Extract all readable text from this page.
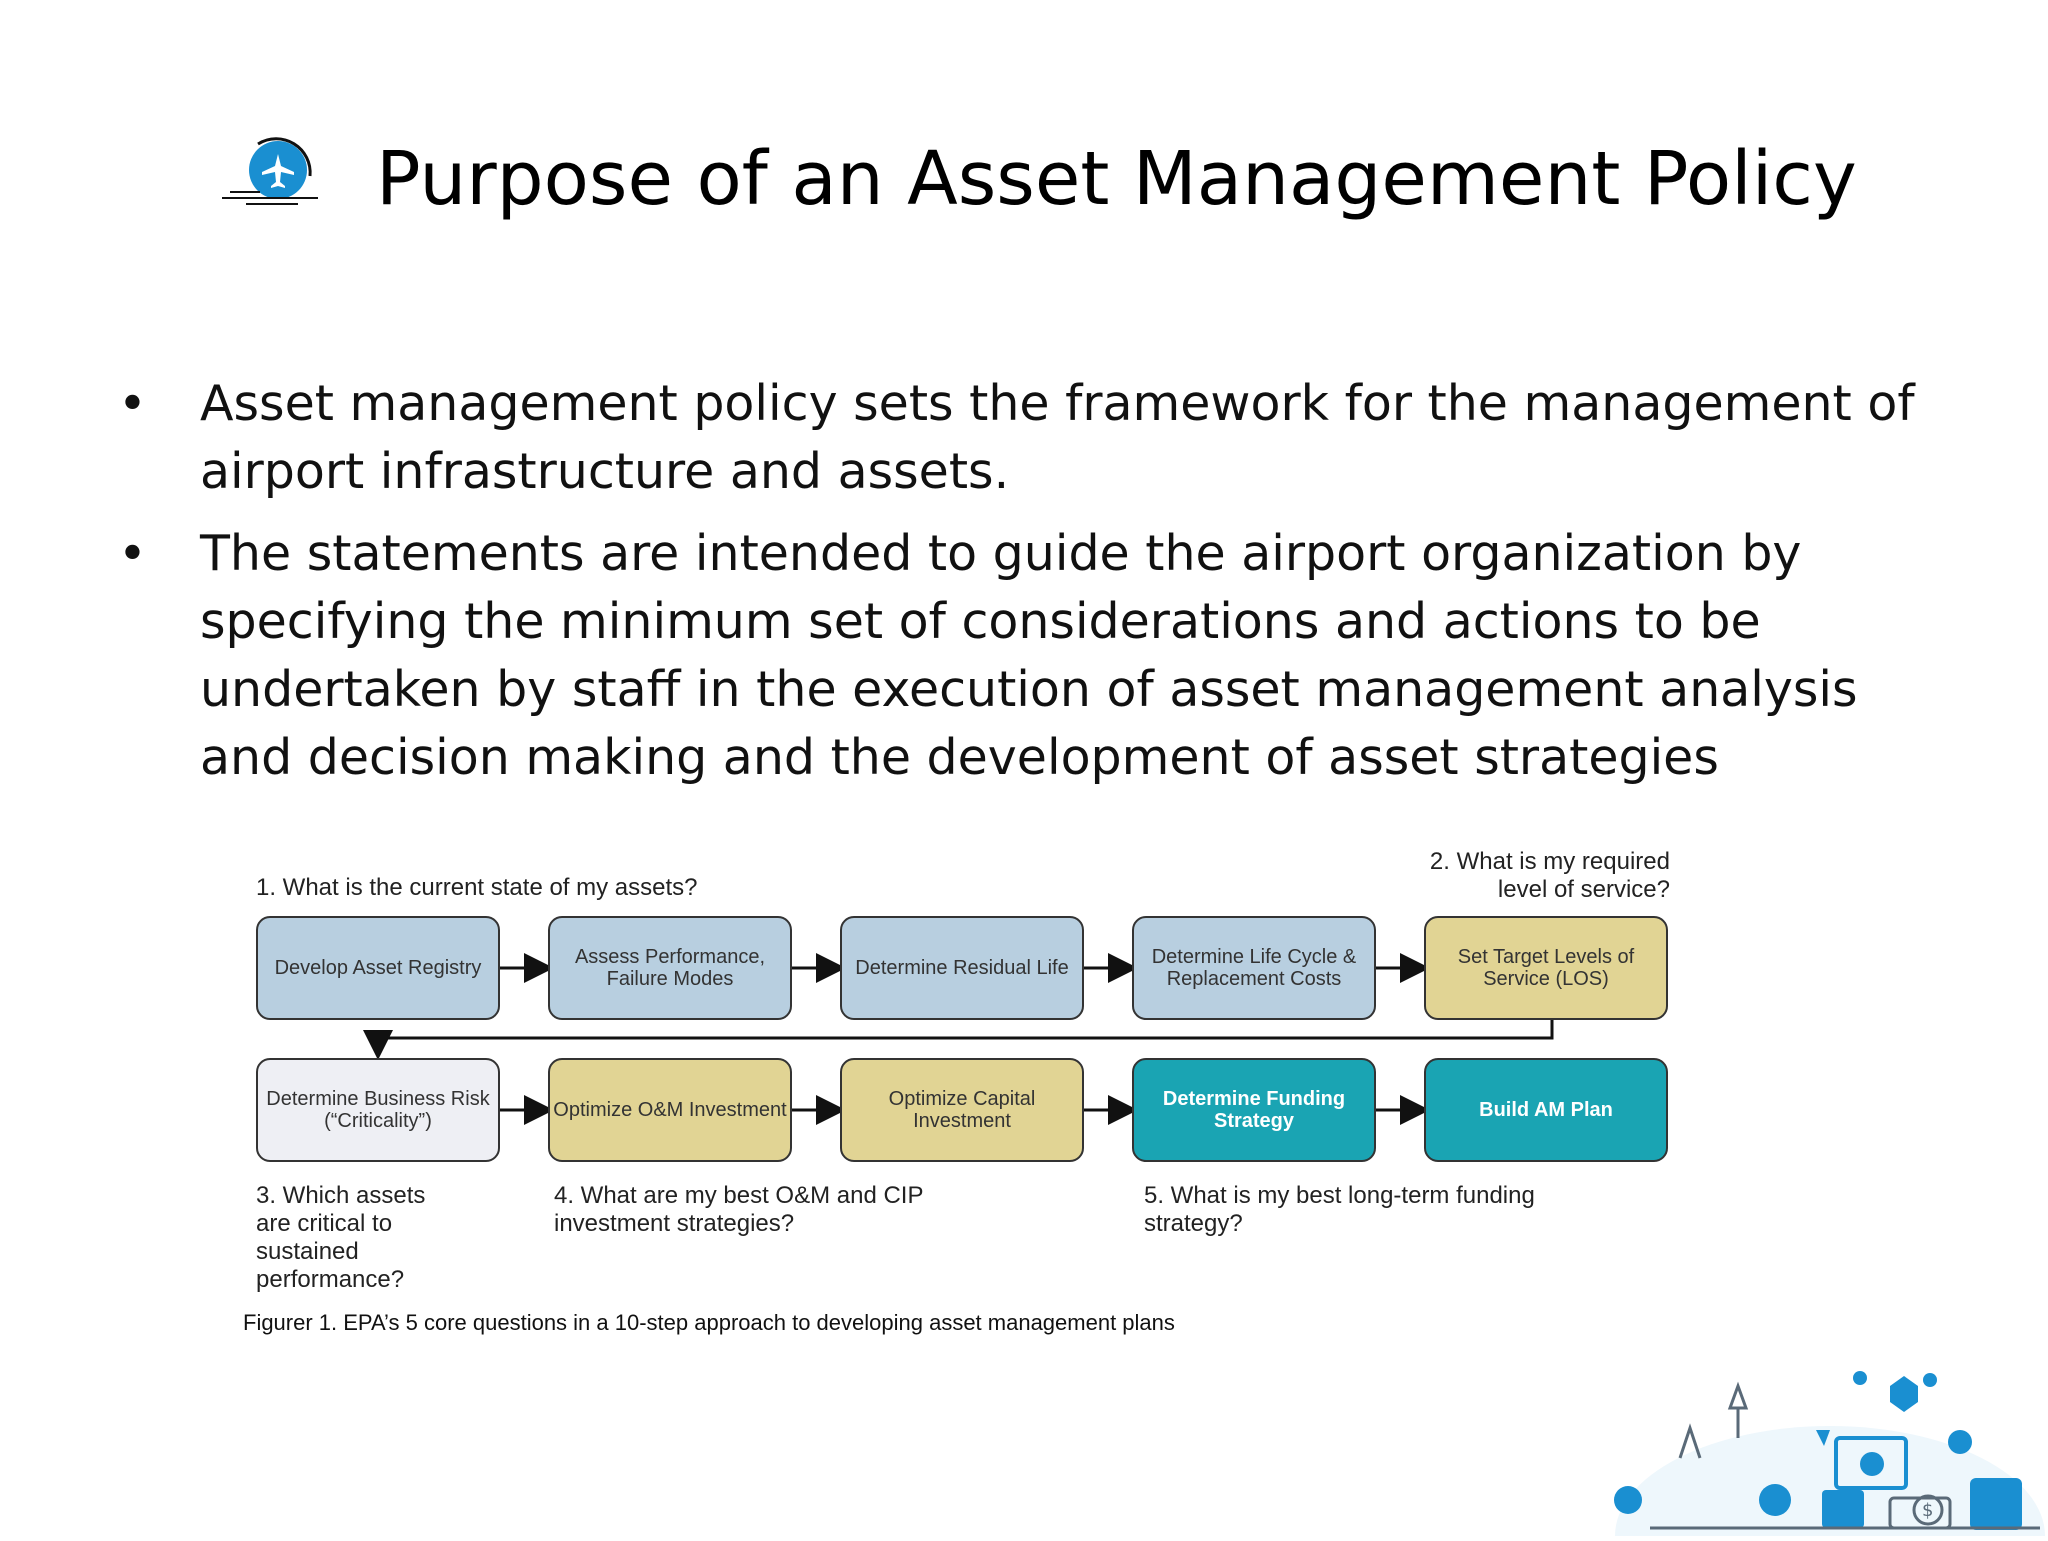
Purpose of an Asset Management Policy
• Asset management policy sets the framework for the management of airport infrastructure and assets.
• The statements are intended to guide the airport organization by specifying the minimum set of considerations and actions to be undertaken by staff in the execution of asset management analysis and decision making and the development of asset strategies
1. What is the current state of my assets?
2. What is my required level of service?
Develop Asset Registry	Assess Performance, Failure Modes	Determine Residual Life	Determine Life Cycle & Replacement Costs
Set Target Levels of Service (LOS)
Determine Business Risk (“Criticality”)	Optimize O&M Investment	Optimize Capital Investment
Determine Funding Strategy	Build AM Plan
3. Which assets are critical to sustained performance?
4. What are my best O&M and CIP investment strategies?
5. What is my best long-term funding strategy?
Figurer 1. EPA’s 5 core questions in a 10-step approach to developing asset management plans
$
